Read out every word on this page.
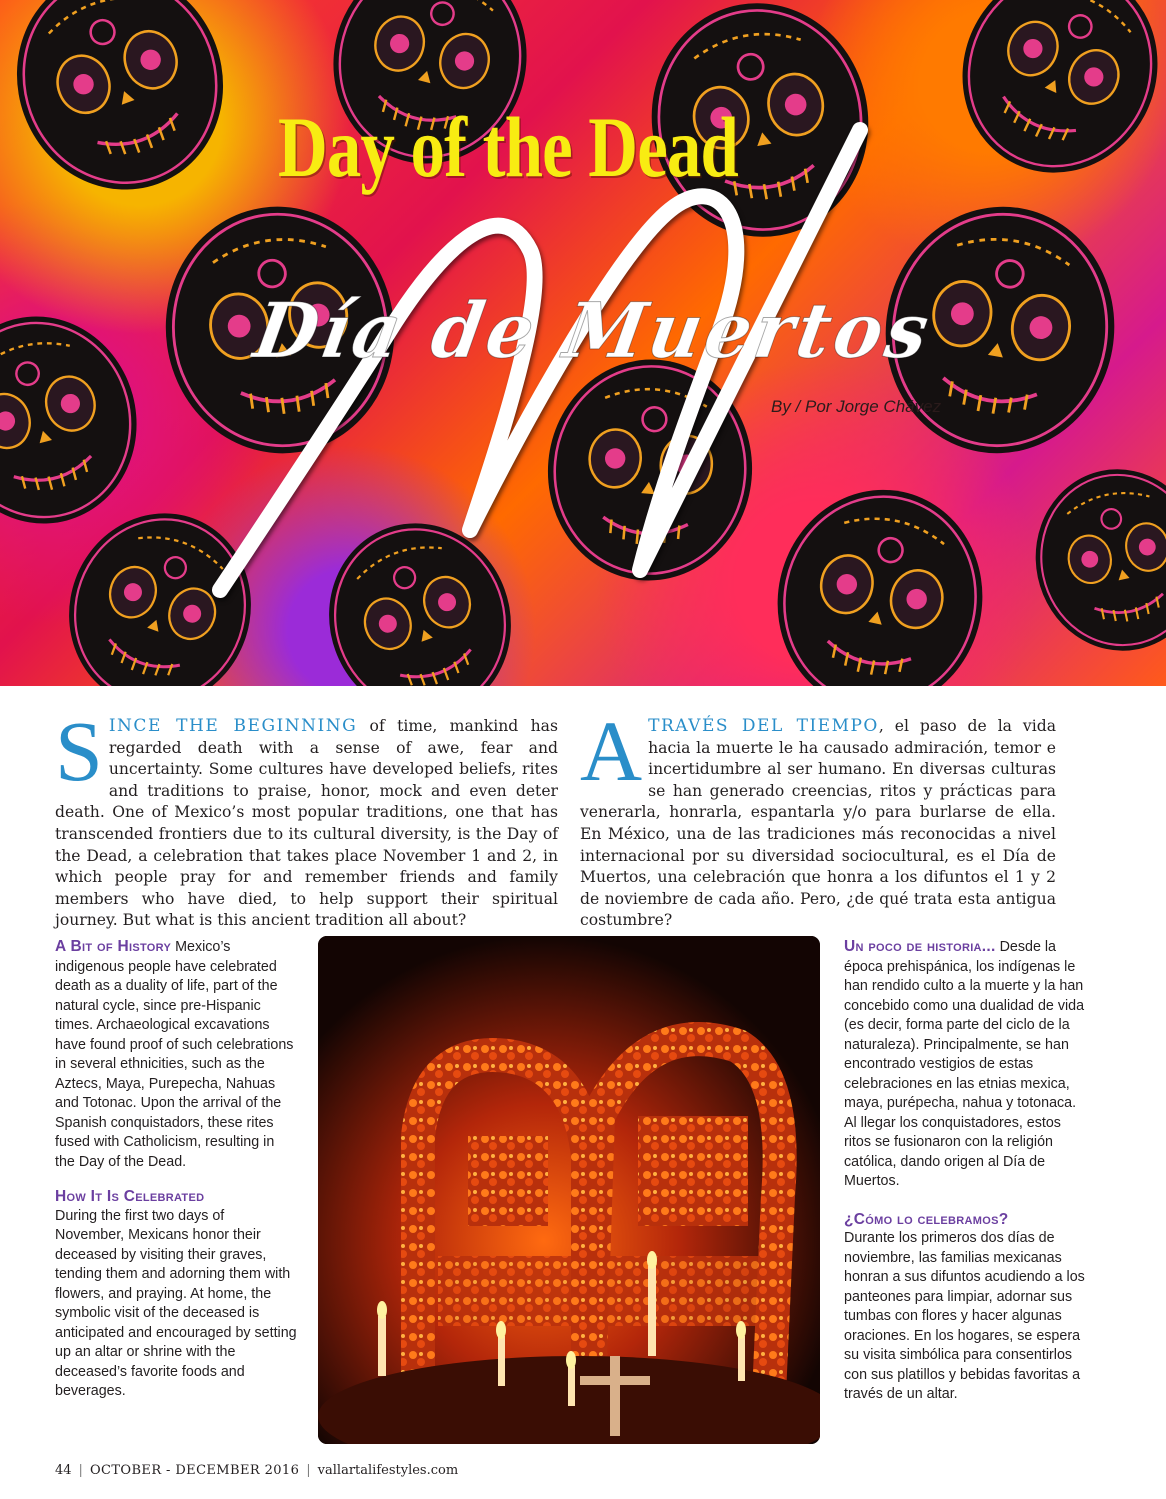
Day of the Dead
Día de Muertos

By / Por Jorge Chávez

SINCE THE BEGINNING of time, mankind has regarded death with a sense of awe, fear and uncertainty. Some cultures have developed beliefs, rites and traditions to praise, honor, mock and even deter death. One of Mexico’s most popular traditions, one that has transcended frontiers due to its cultural diversity, is the Day of the Dead, a celebration that takes place November 1 and 2, in which people pray for and remember friends and family members who have died, to help support their spiritual journey. But what is this ancient tradition all about?

ATRAVÉS DEL TIEMPO, el paso de la vida hacia la muerte le ha causado admiración, temor e incertidumbre al ser humano. En diversas culturas se han generado creencias, ritos y prácticas para venerarla, honrarla, espantarla y/o para burlarse de ella. En México, una de las tradiciones más reconocidas a nivel internacional por su diversidad sociocultural, es el Día de Muertos, una celebración que honra a los difuntos el 1 y 2 de noviembre de cada año. Pero, ¿de qué trata esta antigua costumbre?

A Bit of History Mexico’s indigenous people have celebrated death as a duality of life, part of the natural cycle, since pre-Hispanic times. Archaeological excavations have found proof of such celebrations in several ethnicities, such as the Aztecs, Maya, Purepecha, Nahuas and Totonac. Upon the arrival of the Spanish conquistadors, these rites fused with Catholicism, resulting in the Day of the Dead.

How It Is Celebrated
During the first two days of November, Mexicans honor their deceased by visiting their graves, tending them and adorning them with flowers, and praying. At home, the symbolic visit of the deceased is anticipated and encouraged by setting up an altar or shrine with the deceased’s favorite foods and beverages.

Un poco de historia... Desde la época prehispánica, los indígenas le han rendido culto a la muerte y la han concebido como una dualidad de vida (es decir, forma parte del ciclo de la naturaleza). Principalmente, se han encontrado vestigios de estas celebraciones en las etnias mexica, maya, purépecha, nahua y totonaca. Al llegar los conquistadores, estos ritos se fusionaron con la religión católica, dando origen al Día de Muertos.

¿Cómo lo celebramos?
Durante los primeros dos días de noviembre, las familias mexicanas honran a sus difuntos acudiendo a los panteones para limpiar, adornar sus tumbas con flores y hacer algunas oraciones. En los hogares, se espera su visita simbólica para consentirlos con sus platillos y bebidas favoritas a través de un altar.

44 | OCTOBER - DECEMBER 2016 | vallartalifestyles.com
